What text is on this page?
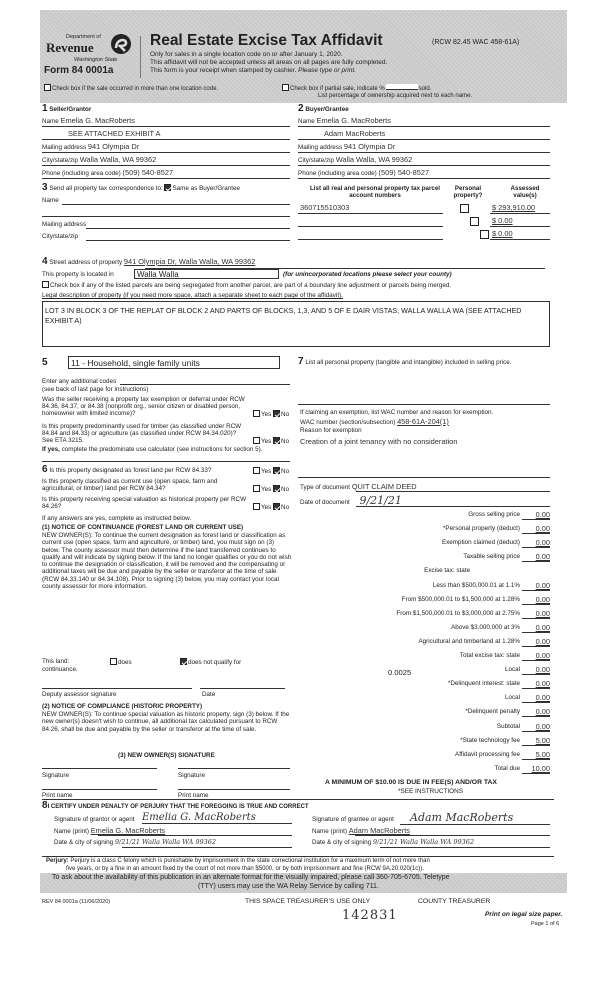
Department of
Revenue
Washington State
Form 84 0001a
Real Estate Excise Tax Affidavit	(RCW 82.45 WAC 458-61A)
Only for sales in a single location code on or after January 1, 2020.
This affidavit will not be accepted unless all areas on all pages are fully completed.
This form is your receipt when stamped by cashier. Please type or print.
Check box if the sale occurred in more than one location code.	Check box if partial sale, indicate %	sold.
List percentage of ownership acquired next to each name.
1 Seller/Grantor	2 Buyer/Grantee
3 Send all property tax correspondence to: Same as Buyer/Grantee
Name
Mailing address
City/state/zip
List all real and personal property tax parcel account numbers
Personal property?
Assessed value(s)
4 Street address of property 941 Olympia Dr, Walla Walla, WA 99362
This property is located in	Walla Walla	(for unincorporated locations please select your county)
Check box if any of the listed parcels are being segregated from another parcel, are part of a boundary line adjustment or parcels being merged.
Legal description of property (if you need more space, attach a separate sheet to each page of the affidavit).
LOT 3 IN BLOCK 3 OF THE REPLAT OF BLOCK 2 AND PARTS OF BLOCKS, 1,3, AND 5 OF E DAIR VISTAS, WALLA WALLA WA (SEE ATTACHED EXHIBIT A)
5	11 - Household, single family units
Enter any additional codes
(see back of last page for instructions)
Was the seller receiving a property tax exemption or deferral under RCW 84.36, 84.37, or 84.38 (nonprofit org., senior citizen or disabled person, homeowner with limited income)?	Yes No
Is this property predominantly used for timber (as classified under RCW 84.84 and 84.33) or agriculture (as classified under RCW 84.34.020)? See ETA 3215.	Yes No
If yes, complete the predominate use calculator (see instructions for section 5).
6 Is this property designated as forest land per RCW 84.33?	Yes No
Is this property classified as current use (open space, farm and agricultural, or timber) land per RCW 84.34?	Yes No
Is this property receiving special valuation as historical property per RCW 84.26?	Yes No
If any answers are yes, complete as instructed below.
(1) NOTICE OF CONTINUANCE (FOREST LAND OR CURRENT USE)
NEW OWNER(S): To continue the current designation as forest land or classification as current use (open space, farm and agriculture, or timber) land, you must sign on (3) below. The county assessor must then determine if the land transferred continues to qualify and will indicate by signing below. If the land no longer qualifies or you do not wish to continue the designation or classification, it will be removed and the compensating or additional taxes will be due and payable by the seller or transferor at the time of sale (RCW 84.33.140 or 84.34.108). Prior to signing (3) below, you may contact your local county assessor for more information.
This land:	does	does not qualify for
continuance.
Deputy assessor signature	Date
(2) NOTICE OF COMPLIANCE (HISTORIC PROPERTY)
NEW OWNER(S): To continue special valuation as historic property, sign (3) below. If the new owner(s) doesn't wish to continue, all additional tax calculated pursuant to RCW 84.26, shall be due and payable by the seller or transferor at the time of sale.
(3) NEW OWNER(S) SIGNATURE
Signature	Signature
Print name	Print name
7 List all personal property (tangible and intangible) included in selling price.
If claiming an exemption, list WAC number and reason for exemption.
WAC number (section/subsection) 458-61A-204(1)
Reason for exemption
Creation of a joint tenancy with no consideration
Type of document QUIT CLAIM DEED
Date of document 9/21/21
0.0025
A MINIMUM OF $10.00 IS DUE IN FEE(S) AND/OR TAX
*SEE INSTRUCTIONS
8I CERTIFY UNDER PENALTY OF PERJURY THAT THE FOREGOING IS TRUE AND CORRECT
Signature of grantor or agent Emelia G. MacRoberts
Name (print) Emelia G. MacRoberts
Date & city of signing 9/21/21 Walla Walla WA 99362
Signature of grantee or agent Adam MacRoberts
Name (print) Adam MacRoberts
Date & city of signing 9/21/21 Walla Walla WA 99362
Perjury: Perjury is a class C felony which is punishable by imprisonment in the state correctional institution for a maximum term of not more than
five years, or by a fine in an amount fixed by the court of not more than $5000, or by both imprisonment and fine (RCW 9A.20.020(1c)).
To ask about the availability of this publication in an alternate format for the visually impaired, please call 360-705-6705. Teletype
(TTY) users may use the WA Relay Service by calling 711.
REV 84 0001a (11/06/2020)	THIS SPACE TREASURER'S USE ONLY	COUNTY TREASURER
142831	Print on legal size paper.
Page 1 of 6
Name Emelia G. MacRoberts
SEE ATTACHED EXHIBIT A
Mailing address 941 Olympia Dr
City/state/zip Walla Walla, WA 99362
Phone (including area code) (509) 540-8527
Name Emelia G. MacRoberts
Adam MacRoberts
Mailing address 941 Olympia Dr
City/state/zip Walla Walla, WA 99362
Phone (including area code) (509) 540-8527
360715510303	$ 293,910.00
$ 0.00
$ 0.00
Gross selling price 0.00
*Personal property (deduct) 0.00
Exemption claimed (deduct) 0.00
Taxable selling price 0.00
Excise tax: state
Less than $500,000.01 at 1.1% 0.00
From $500,000.01 to $1,500,000 at 1.28% 0.00
From $1,500,000.01 to $3,000,000 at 2.75% 0.00
Above $3,000,000 at 3% 0.00
Agricultural and timberland at 1.28% 0.00
Total excise tax: state 0.00
Local 0.00
*Delinquent interest: state 0.00
Local 0.00
*Delinquent penalty 0.00
Subtotal 0.00
*State technology fee 5.00
Affidavit processing fee 5.00
Total due 10.00
